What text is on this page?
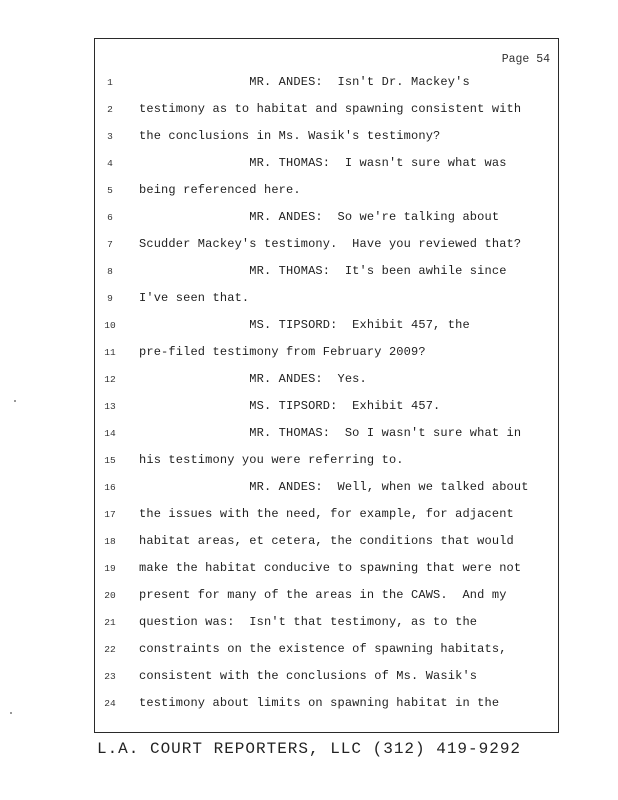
Page 54
1	MR. ANDES:  Isn't Dr. Mackey's
2	testimony as to habitat and spawning consistent with
3	the conclusions in Ms. Wasik's testimony?
4	MR. THOMAS:  I wasn't sure what was
5	being referenced here.
6	MR. ANDES:  So we're talking about
7	Scudder Mackey's testimony.  Have you reviewed that?
8	MR. THOMAS:  It's been awhile since
9	I've seen that.
10 MS. TIPSORD:  Exhibit 457, the
11 pre-filed testimony from February 2009?
12 MR. ANDES:  Yes.
13 MS. TIPSORD:  Exhibit 457.
14 MR. THOMAS:  So I wasn't sure what in
15 his testimony you were referring to.
16 MR. ANDES:  Well, when we talked about
17 the issues with the need, for example, for adjacent
18 habitat areas, et cetera, the conditions that would
19 make the habitat conducive to spawning that were not
20 present for many of the areas in the CAWS.  And my
21 question was:  Isn't that testimony, as to the
22 constraints on the existence of spawning habitats,
23 consistent with the conclusions of Ms. Wasik's
24 testimony about limits on spawning habitat in the
L.A. COURT REPORTERS, LLC (312) 419-9292
